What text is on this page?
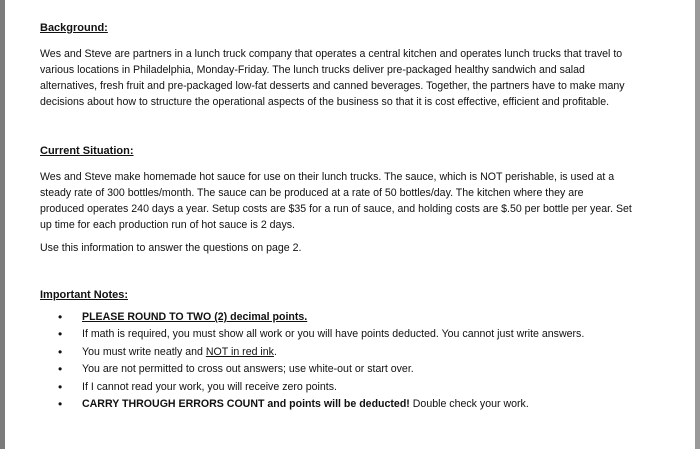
Background:

Wes and Steve are partners in a lunch truck company that operates a central kitchen and operates lunch trucks that travel to
various locations in Philadelphia, Monday-Friday. The lunch trucks deliver pre-packaged healthy sandwich and salad
alternatives, fresh fruit and pre-packaged low-fat desserts and canned beverages. Together, the partners have to make many
decisions about how to structure the operational aspects of the business so that it is cost effective, efficient and profitable.

Current Situation:

Wes and Steve make homemade hot sauce for use on their lunch trucks. The sauce, which is NOT perishable, is used at a
steady rate of 300 bottles/month. The sauce can be produced at a rate of 50 bottles/day. The kitchen where they are
produced operates 240 days a year. Setup costs are $35 for a run of sauce, and holding costs are $.50 per bottle per year. Set
up time for each production run of hot sauce is 2 days.

Use this information to answer the questions on page 2.

Important Notes:

• PLEASE ROUND TO TWO (2) decimal points.
• If math is required, you must show all work or you will have points deducted. You cannot just write answers.
• You must write neatly and NOT in red ink.
• You are not permitted to cross out answers; use white-out or start over.
• If I cannot read your work, you will receive zero points.
• CARRY THROUGH ERRORS COUNT and points will be deducted! Double check your work.
